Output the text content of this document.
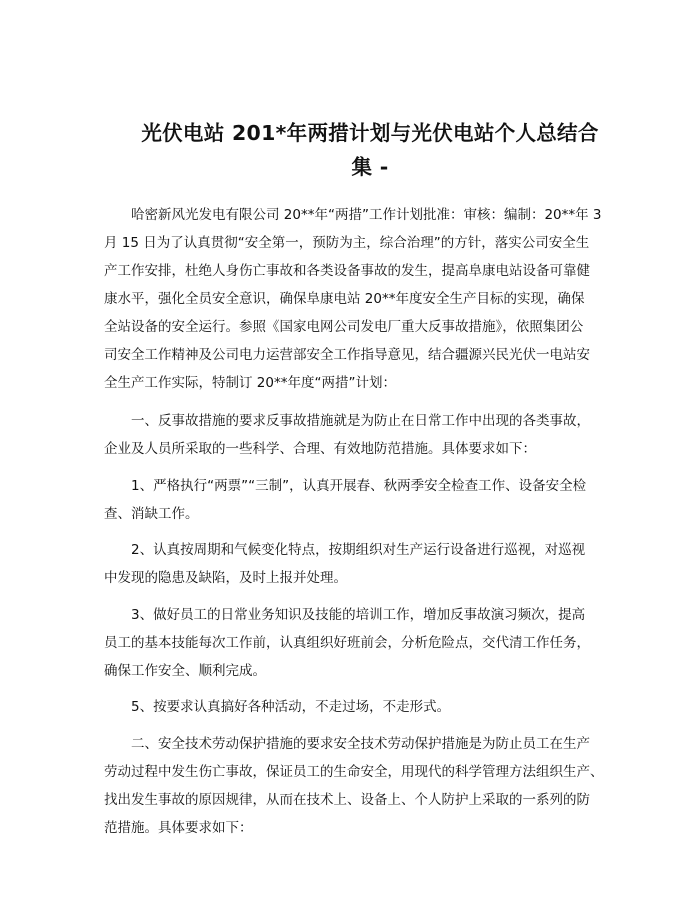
光伏电站 201*年两措计划与光伏电站个人总结合
集 -
　　哈密新风光发电有限公司 20**年“两措”工作计划批准：审核：编制：20**年 3
月 15 日为了认真贯彻“安全第一，预防为主，综合治理”的方针，落实公司安全生
产工作安排，杜绝人身伤亡事故和各类设备事故的发生，提高阜康电站设备可靠健
康水平，强化全员安全意识，确保阜康电站 20**年度安全生产目标的实现，确保
全站设备的安全运行。参照《国家电网公司发电厂重大反事故措施》，依照集团公
司安全工作精神及公司电力运营部安全工作指导意见，结合疆源兴民光伏一电站安
全生产工作实际，特制订 20**年度“两措”计划：
　　一、反事故措施的要求反事故措施就是为防止在日常工作中出现的各类事故，
企业及人员所采取的一些科学、合理、有效地防范措施。具体要求如下：
　　1、严格执行“两票”“三制”，认真开展春、秋两季安全检查工作、设备安全检
查、消缺工作。
　　2、认真按周期和气候变化特点，按期组织对生产运行设备进行巡视，对巡视
中发现的隐患及缺陷，及时上报并处理。
　　3、做好员工的日常业务知识及技能的培训工作，增加反事故演习频次，提高
员工的基本技能每次工作前，认真组织好班前会，分析危险点，交代清工作任务，
确保工作安全、顺利完成。
　　5、按要求认真搞好各种活动，不走过场，不走形式。
　　二、安全技术劳动保护措施的要求安全技术劳动保护措施是为防止员工在生产
劳动过程中发生伤亡事故，保证员工的生命安全，用现代的科学管理方法组织生产、
找出发生事故的原因规律，从而在技术上、设备上、个人防护上采取的一系列的防
范措施。具体要求如下：
